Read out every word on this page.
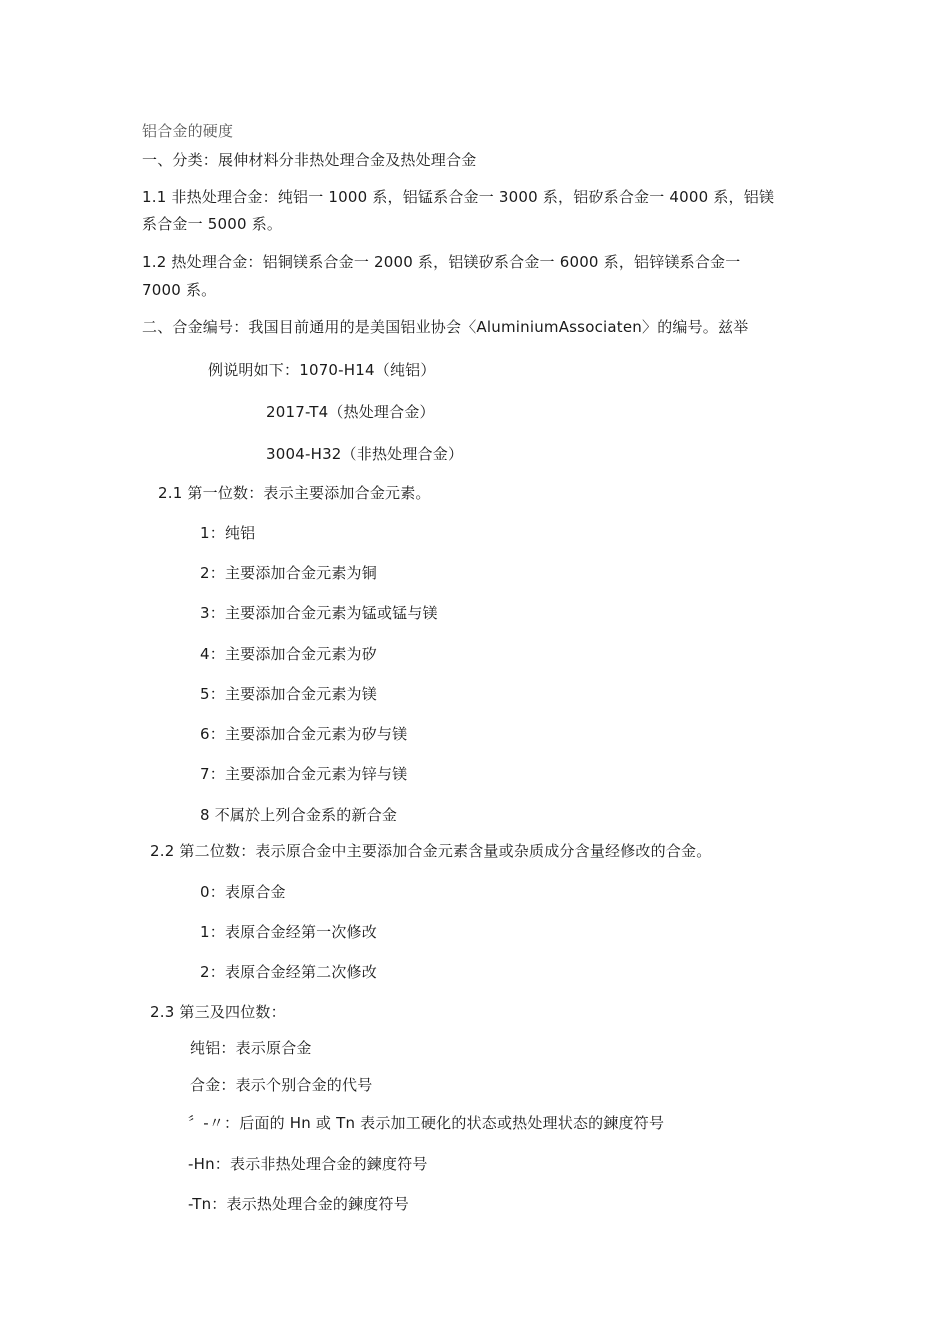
铝合金的硬度
一、分类：展伸材料分非热处理合金及热处理合金
1.1 非热处理合金：纯铝一 1000 系，铝锰系合金一 3000 系，铝矽系合金一 4000 系，铝镁
系合金一 5000 系。
1.2 热处理合金：铝铜镁系合金一 2000 系，铝镁矽系合金一 6000 系，铝锌镁系合金一
7000 系。
二、合金编号：我国目前通用的是美国铝业协会〈AluminiumAssociaten〉的编号。兹举
例说明如下：1070-H14（纯铝）
2017-T4（热处理合金）
3004-H32（非热处理合金）
2.1 第一位数：表示主要添加合金元素。
1：纯铝
2：主要添加合金元素为铜
3：主要添加合金元素为锰或锰与镁
4：主要添加合金元素为矽
5：主要添加合金元素为镁
6：主要添加合金元素为矽与镁
7：主要添加合金元素为锌与镁
8 不属於上列合金系的新合金
2.2 第二位数：表示原合金中主要添加合金元素含量或杂质成分含量经修改的合金。
0：表原合金
1：表原合金经第一次修改
2：表原合金经第二次修改
2.3 第三及四位数：
纯铝：表示原合金
合金：表示个别合金的代号
〞-〃：后面的 Hn 或 Tn 表示加工硬化的状态或热处理状态的鍊度符号
-Hn：表示非热处理合金的鍊度符号
-Tn：表示热处理合金的鍊度符号
